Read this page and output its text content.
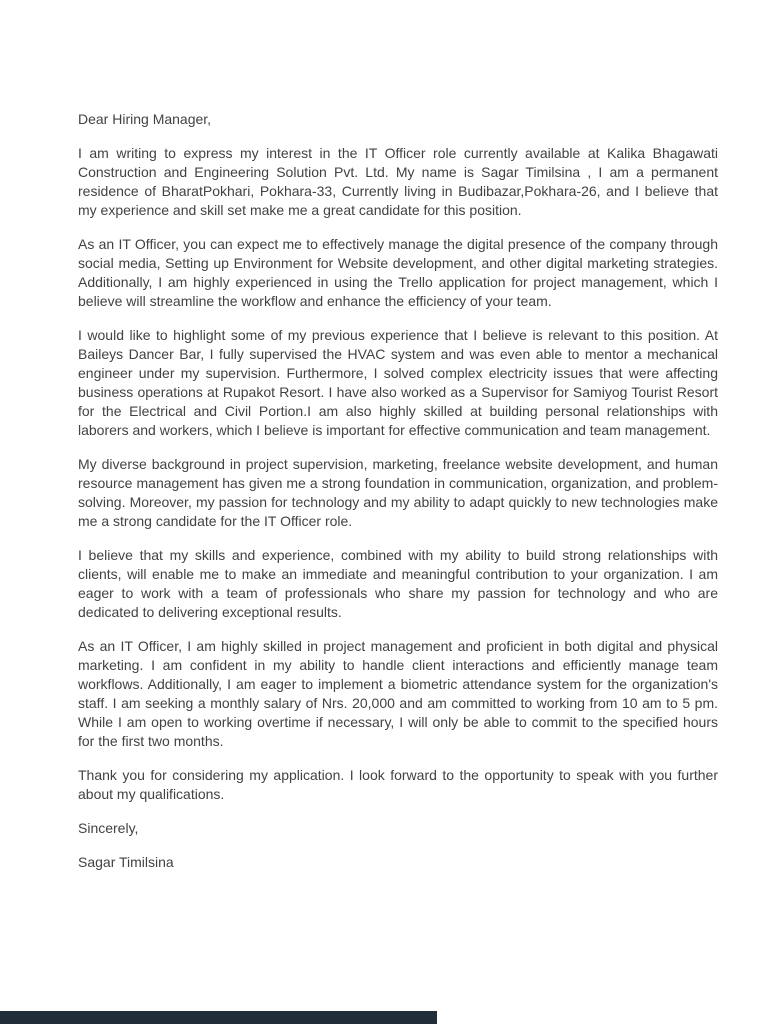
Dear Hiring Manager,

I am writing to express my interest in the IT Officer role currently available at Kalika Bhagawati Construction and Engineering Solution Pvt. Ltd. My name is Sagar Timilsina , I am a permanent residence of BharatPokhari, Pokhara-33, Currently living in Budibazar,Pokhara-26, and I believe that my experience and skill set make me a great candidate for this position.

As an IT Officer, you can expect me to effectively manage the digital presence of the company through social media, Setting up Environment for Website development, and other digital marketing strategies. Additionally, I am highly experienced in using the Trello application for project management, which I believe will streamline the workflow and enhance the efficiency of your team.

I would like to highlight some of my previous experience that I believe is relevant to this position. At Baileys Dancer Bar, I fully supervised the HVAC system and was even able to mentor a mechanical engineer under my supervision. Furthermore, I solved complex electricity issues that were affecting business operations at Rupakot Resort. I have also worked as a Supervisor for Samiyog Tourist Resort for the Electrical and Civil Portion.I am also highly skilled at building personal relationships with laborers and workers, which I believe is important for effective communication and team management.

My diverse background in project supervision, marketing, freelance website development, and human resource management has given me a strong foundation in communication, organization, and problem-solving. Moreover, my passion for technology and my ability to adapt quickly to new technologies make me a strong candidate for the IT Officer role.

I believe that my skills and experience, combined with my ability to build strong relationships with clients, will enable me to make an immediate and meaningful contribution to your organization. I am eager to work with a team of professionals who share my passion for technology and who are dedicated to delivering exceptional results.

As an IT Officer, I am highly skilled in project management and proficient in both digital and physical marketing. I am confident in my ability to handle client interactions and efficiently manage team workflows. Additionally, I am eager to implement a biometric attendance system for the organization's staff. I am seeking a monthly salary of Nrs. 20,000 and am committed to working from 10 am to 5 pm. While I am open to working overtime if necessary, I will only be able to commit to the specified hours for the first two months.

Thank you for considering my application. I look forward to the opportunity to speak with you further about my qualifications.

Sincerely,

Sagar Timilsina
